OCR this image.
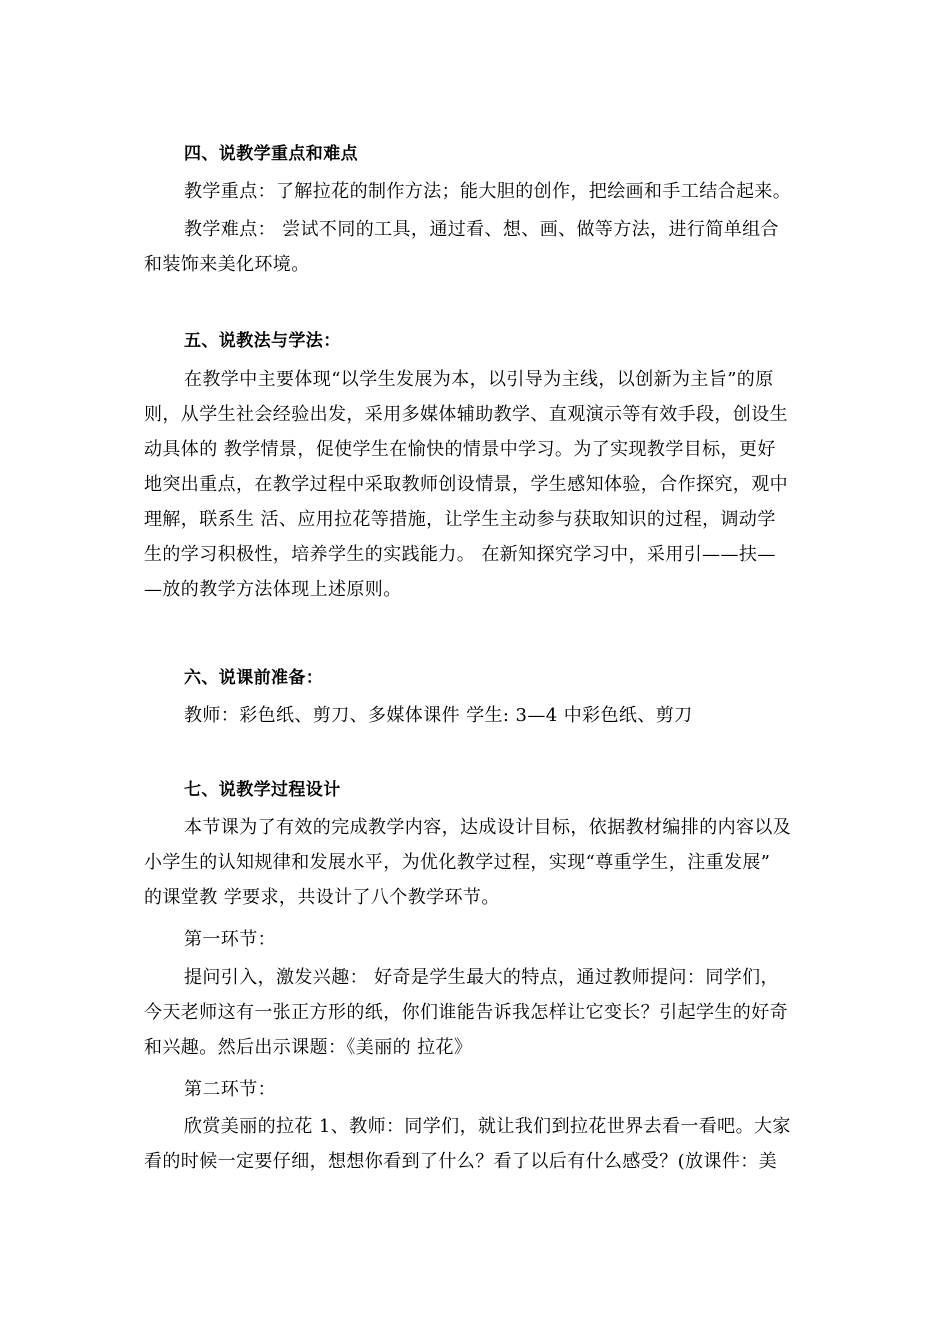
四、说教学重点和难点
教学重点：了解拉花的制作方法；能大胆的创作，把绘画和手工结合起来。
教学难点： 尝试不同的工具，通过看、想、画、做等方法，进行简单组合
和装饰来美化环境。
五、说教法与学法：
在教学中主要体现“以学生发展为本，以引导为主线，以创新为主旨”的原
则，从学生社会经验出发，采用多媒体辅助教学、直观演示等有效手段，创设生
动具体的 教学情景，促使学生在愉快的情景中学习。为了实现教学目标，更好
地突出重点，在教学过程中采取教师创设情景，学生感知体验，合作探究，观中
理解，联系生 活、应用拉花等措施，让学生主动参与获取知识的过程，调动学
生的学习积极性，培养学生的实践能力。 在新知探究学习中，采用引——扶—
—放的教学方法体现上述原则。
六、说课前准备：
教师：彩色纸、剪刀、多媒体课件 学生: 3—4 中彩色纸、剪刀
七、说教学过程设计
本节课为了有效的完成教学内容，达成设计目标，依据教材编排的内容以及
小学生的认知规律和发展水平，为优化教学过程，实现“尊重学生，注重发展”
的课堂教 学要求，共设计了八个教学环节。
第一环节：
提问引入，激发兴趣： 好奇是学生最大的特点，通过教师提问：同学们，
今天老师这有一张正方形的纸，你们谁能告诉我怎样让它变长？引起学生的好奇
和兴趣。然后出示课题：《美丽的 拉花》
第二环节：
欣赏美丽的拉花 1、教师：同学们，就让我们到拉花世界去看一看吧。大家
看的时候一定要仔细，想想你看到了什么？看了以后有什么感受？(放课件：美
